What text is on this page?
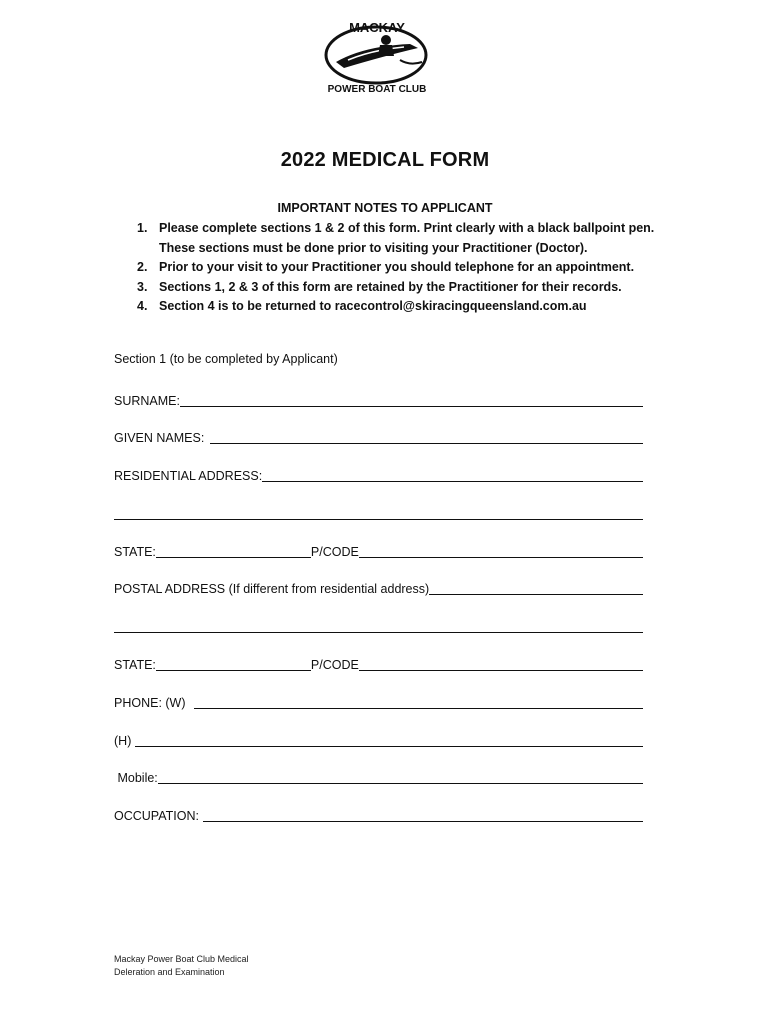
MACKAY
POWER BOAT CLUB
2022 MEDICAL FORM
IMPORTANT NOTES TO APPLICANT
1. Please complete sections 1 & 2 of this form. Print clearly with a black ballpoint pen. These sections must be done prior to visiting your Practitioner (Doctor).
2. Prior to your visit to your Practitioner you should telephone for an appointment.
3. Sections 1, 2 & 3 of this form are retained by the Practitioner for their records.
4. Section 4 is to be returned to racecontrol@skiracingqueensland.com.au
Section 1 (to be completed by Applicant)
SURNAME:
GIVEN NAMES:
RESIDENTIAL ADDRESS:
STATE:	P/CODE
POSTAL ADDRESS (If different from residential address)
STATE:	P/CODE
PHONE: (W)
(H)
Mobile:
OCCUPATION:
Mackay Power Boat Club Medical
Deleration and Examination
